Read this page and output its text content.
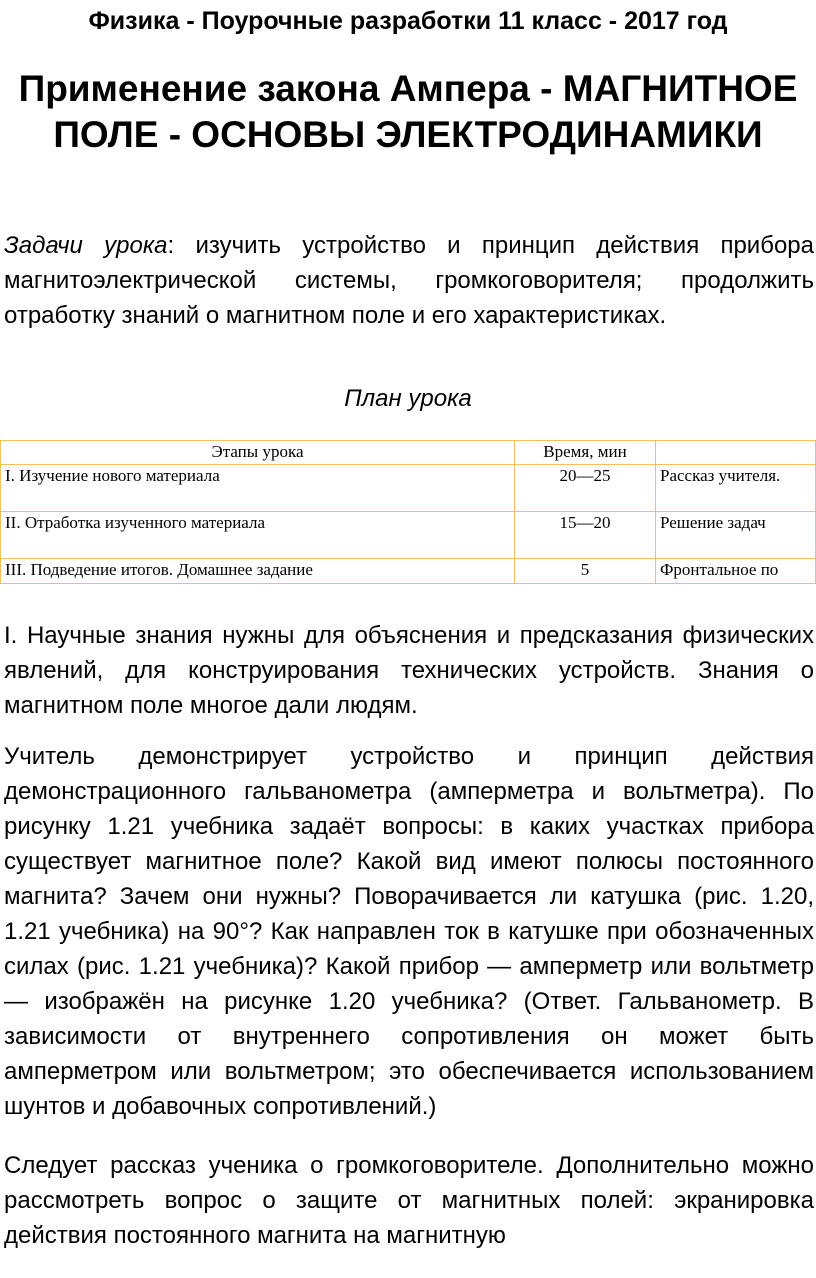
Физика - Поурочные разработки 11 класс - 2017 год
Применение закона Ампера - МАГНИТНОЕ ПОЛЕ - ОСНОВЫ ЭЛЕКТРОДИНАМИКИ
Задачи урока: изучить устройство и принцип действия прибора магнитоэлектрической системы, громкоговорителя; продолжить отработку знаний о магнитном поле и его характеристиках.
План урока
Этапы урока	Время, мин	
I. Изучение нового материала	20—25	Рассказ учителя.
II. Отработка изученного материала	15—20	Решение задач
III. Подведение итогов. Домашнее задание	5	Фронтальное по
I. Научные знания нужны для объяснения и предсказания физических явлений, для конструирования технических устройств. Знания о магнитном поле многое дали людям.
Учитель демонстрирует устройство и принцип действия демонстрационного гальванометра (амперметра и вольтметра). По рисунку 1.21 учебника задаёт вопросы: в каких участках прибора существует магнитное поле? Какой вид имеют полюсы постоянного магнита? Зачем они нужны? Поворачивается ли катушка (рис. 1.20, 1.21 учебника) на 90°? Как направлен ток в катушке при обозначенных силах (рис. 1.21 учебника)? Какой прибор — амперметр или вольтметр — изображён на рисунке 1.20 учебника? (Ответ. Гальванометр. В зависимости от внутреннего сопротивления он может быть амперметром или вольтметром; это обеспечивается использованием шунтов и добавочных сопротивлений.)
Следует рассказ ученика о громкоговорителе. Дополнительно можно рассмотреть вопрос о защите от магнитных полей: экранировка действия постоянного магнита на магнитную
